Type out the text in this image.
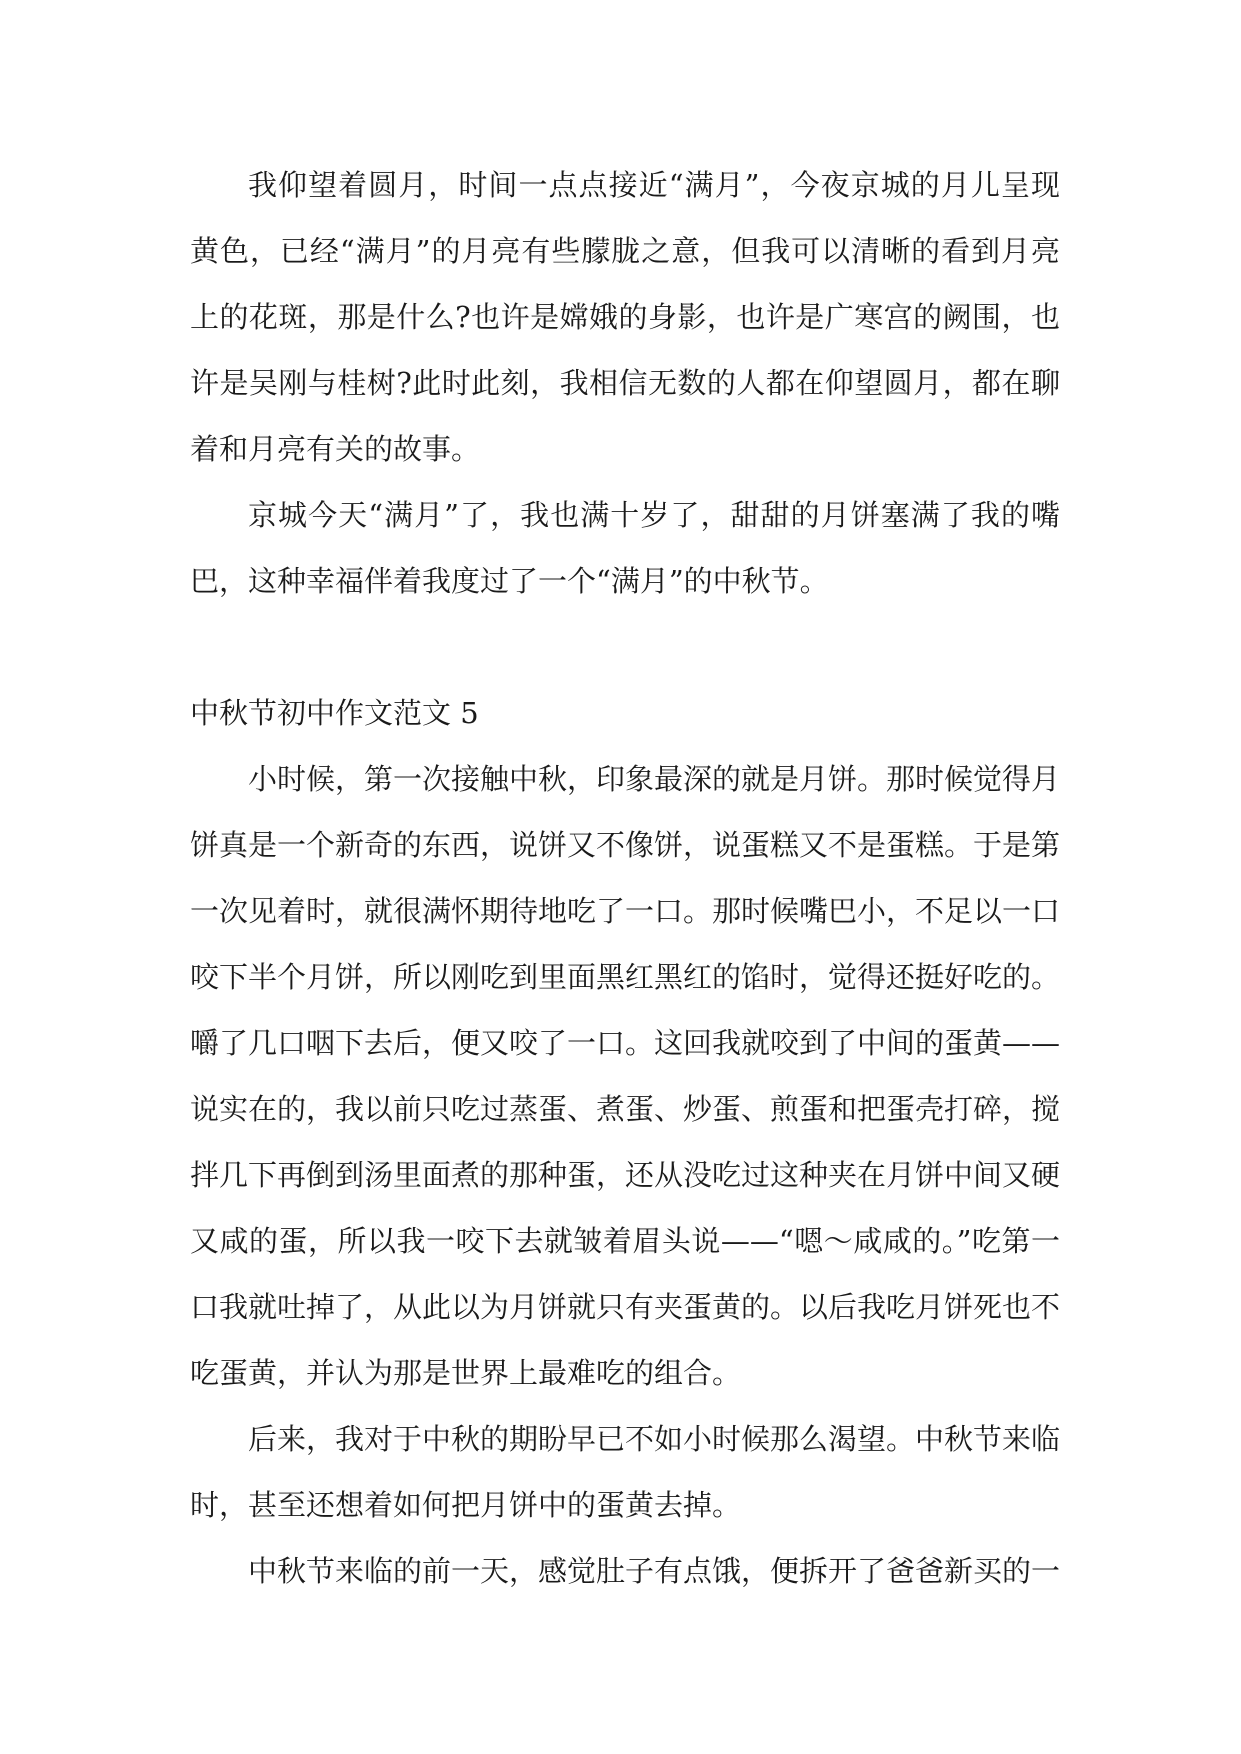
我仰望着圆月，时间一点点接近“满月”，今夜京城的月儿呈现黄色，已经“满月”的月亮有些朦胧之意，但我可以清晰的看到月亮上的花斑，那是什么?也许是嫦娥的身影，也许是广寒宫的阙围，也许是吴刚与桂树?此时此刻，我相信无数的人都在仰望圆月，都在聊着和月亮有关的故事。

京城今天“满月”了，我也满十岁了，甜甜的月饼塞满了我的嘴巴，这种幸福伴着我度过了一个“满月”的中秋节。

中秋节初中作文范文 5

小时候，第一次接触中秋，印象最深的就是月饼。那时候觉得月饼真是一个新奇的东西，说饼又不像饼，说蛋糕又不是蛋糕。于是第一次见着时，就很满怀期待地吃了一口。那时候嘴巴小，不足以一口咬下半个月饼，所以刚吃到里面黑红黑红的馅时，觉得还挺好吃的。嚼了几口咽下去后，便又咬了一口。这回我就咬到了中间的蛋黄——说实在的，我以前只吃过蒸蛋、煮蛋、炒蛋、煎蛋和把蛋壳打碎，搅拌几下再倒到汤里面煮的那种蛋，还从没吃过这种夹在月饼中间又硬又咸的蛋，所以我一咬下去就皱着眉头说——“嗯～咸咸的。”吃第一口我就吐掉了，从此以为月饼就只有夹蛋黄的。以后我吃月饼死也不吃蛋黄，并认为那是世界上最难吃的组合。

后来，我对于中秋的期盼早已不如小时候那么渴望。中秋节来临时，甚至还想着如何把月饼中的蛋黄去掉。

中秋节来临的前一天，感觉肚子有点饿，便拆开了爸爸新买的一
